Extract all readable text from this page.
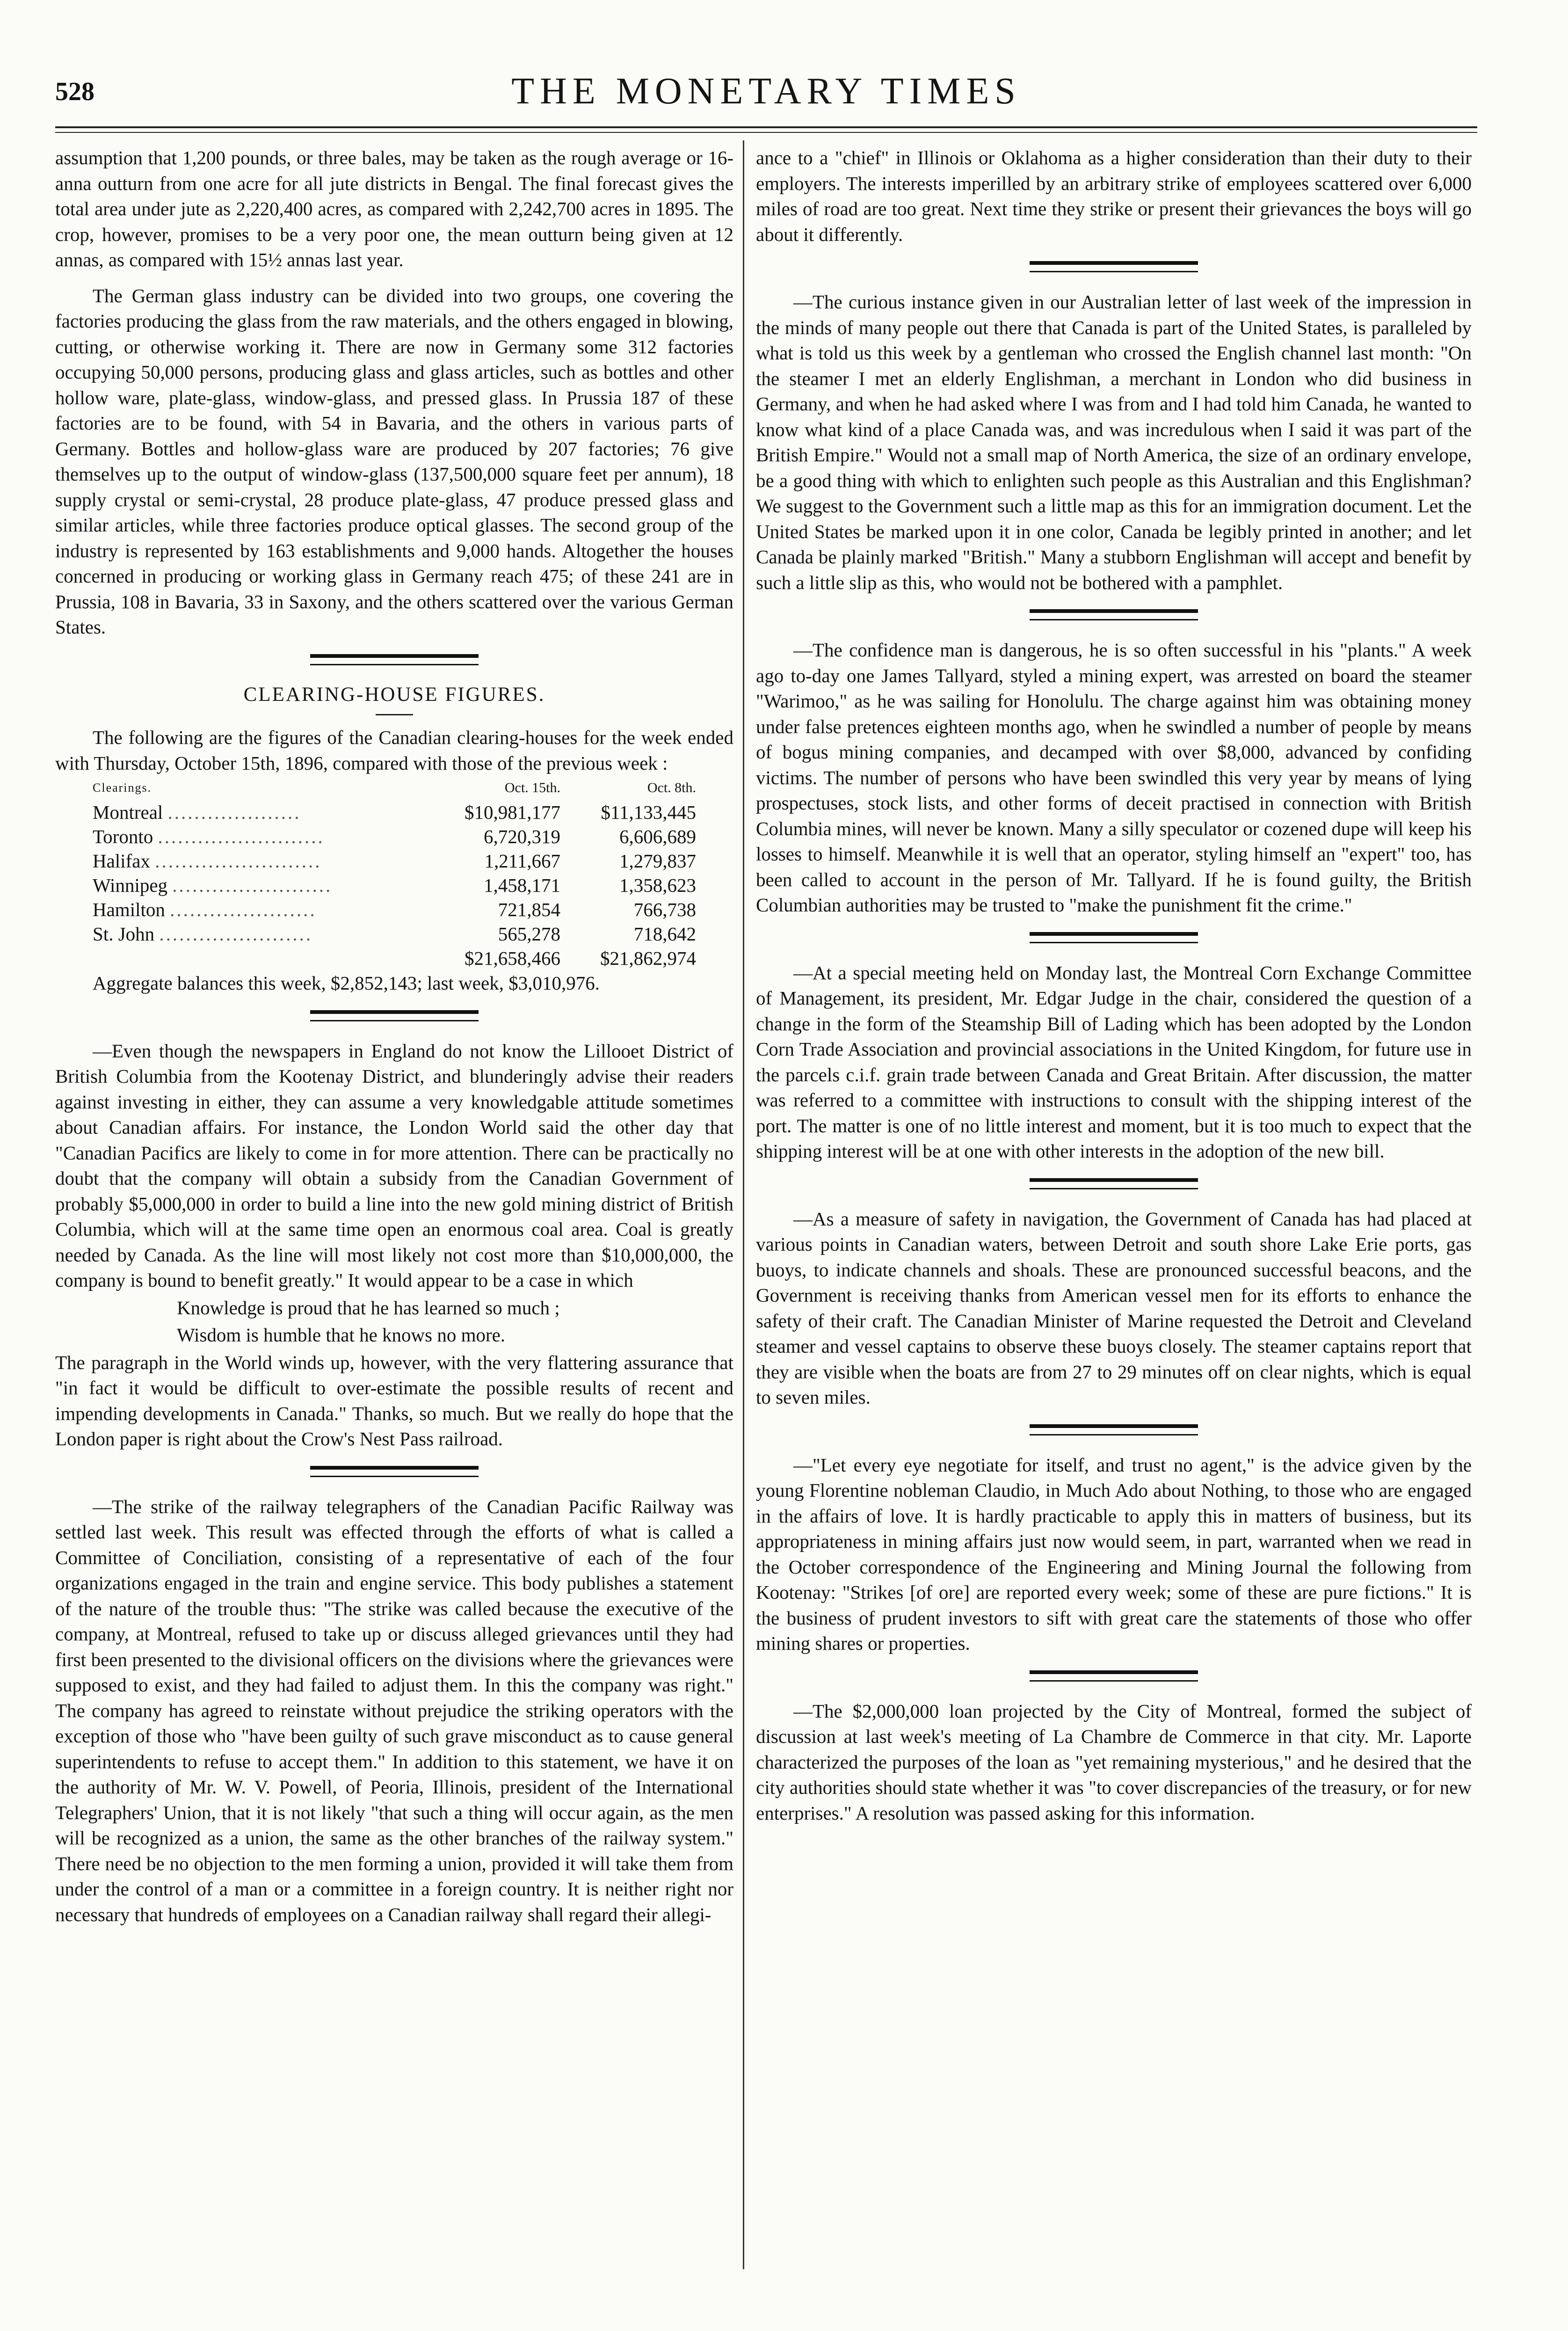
528	THE MONETARY TIMES

assumption that 1,200 pounds, or three bales, may be taken as the rough average or 16-anna outturn from one acre for all jute districts in Bengal. The final forecast gives the total area under jute as 2,220,400 acres, as compared with 2,242,700 acres in 1895. The crop, however, promises to be a very poor one, the mean outturn being given at 12 annas, as compared with 15½ annas last year.

The German glass industry can be divided into two groups, one covering the factories producing the glass from the raw materials, and the others engaged in blowing, cutting, or otherwise working it. There are now in Germany some 312 factories occupying 50,000 persons, producing glass and glass articles, such as bottles and other hollow ware, plate-glass, window-glass, and pressed glass. In Prussia 187 of these factories are to be found, with 54 in Bavaria, and the others in various parts of Germany. Bottles and hollow-glass ware are produced by 207 factories; 76 give themselves up to the output of window-glass (137,500,000 square feet per annum), 18 supply crystal or semi-crystal, 28 produce plate-glass, 47 produce pressed glass and similar articles, while three factories produce optical glasses. The second group of the industry is represented by 163 establishments and 9,000 hands. Altogether the houses concerned in producing or working glass in Germany reach 475; of these 241 are in Prussia, 108 in Bavaria, 33 in Saxony, and the others scattered over the various German States.

CLEARING-HOUSE FIGURES.

The following are the figures of the Canadian clearing-houses for the week ended with Thursday, October 15th, 1896, compared with those of the previous week :

Clearings.	Oct. 15th.	Oct. 8th.
Montreal ....................	$10,981,177	$11,133,445
Toronto .........................	6,720,319	6,606,689
Halifax .........................	1,211,667	1,279,837
Winnipeg ........................	1,458,171	1,358,623
Hamilton ......................	721,854	766,738
St. John .......................	565,278	718,642
	$21,658,466	$21,862,974

Aggregate balances this week, $2,852,143; last week, $3,010,976.

—Even though the newspapers in England do not know the Lillooet District of British Columbia from the Kootenay District, and blunderingly advise their readers against investing in either, they can assume a very knowledgable attitude sometimes about Canadian affairs. For instance, the London World said the other day that "Canadian Pacifics are likely to come in for more attention. There can be practically no doubt that the company will obtain a subsidy from the Canadian Government of probably $5,000,000 in order to build a line into the new gold mining district of British Columbia, which will at the same time open an enormous coal area. Coal is greatly needed by Canada. As the line will most likely not cost more than $10,000,000, the company is bound to benefit greatly." It would appear to be a case in which

Knowledge is proud that he has learned so much ;

Wisdom is humble that he knows no more.

The paragraph in the World winds up, however, with the very flattering assurance that "in fact it would be difficult to over-estimate the possible results of recent and impending developments in Canada." Thanks, so much. But we really do hope that the London paper is right about the Crow's Nest Pass railroad.

—The strike of the railway telegraphers of the Canadian Pacific Railway was settled last week. This result was effected through the efforts of what is called a Committee of Conciliation, consisting of a representative of each of the four organizations engaged in the train and engine service. This body publishes a statement of the nature of the trouble thus: "The strike was called because the executive of the company, at Montreal, refused to take up or discuss alleged grievances until they had first been presented to the divisional officers on the divisions where the grievances were supposed to exist, and they had failed to adjust them. In this the company was right." The company has agreed to reinstate without prejudice the striking operators with the exception of those who "have been guilty of such grave misconduct as to cause general superintendents to refuse to accept them." In addition to this statement, we have it on the authority of Mr. W. V. Powell, of Peoria, Illinois, president of the International Telegraphers' Union, that it is not likely "that such a thing will occur again, as the men will be recognized as a union, the same as the other branches of the railway system." There need be no objection to the men forming a union, provided it will take them from under the control of a man or a committee in a foreign country. It is neither right nor necessary that hundreds of employees on a Canadian railway shall regard their allegi-

ance to a "chief" in Illinois or Oklahoma as a higher consideration than their duty to their employers. The interests imperilled by an arbitrary strike of employees scattered over 6,000 miles of road are too great. Next time they strike or present their grievances the boys will go about it differently.

—The curious instance given in our Australian letter of last week of the impression in the minds of many people out there that Canada is part of the United States, is paralleled by what is told us this week by a gentleman who crossed the English channel last month: "On the steamer I met an elderly Englishman, a merchant in London who did business in Germany, and when he had asked where I was from and I had told him Canada, he wanted to know what kind of a place Canada was, and was incredulous when I said it was part of the British Empire." Would not a small map of North America, the size of an ordinary envelope, be a good thing with which to enlighten such people as this Australian and this Englishman? We suggest to the Government such a little map as this for an immigration document. Let the United States be marked upon it in one color, Canada be legibly printed in another; and let Canada be plainly marked "British." Many a stubborn Englishman will accept and benefit by such a little slip as this, who would not be bothered with a pamphlet.

—The confidence man is dangerous, he is so often successful in his "plants." A week ago to-day one James Tallyard, styled a mining expert, was arrested on board the steamer "Warimoo," as he was sailing for Honolulu. The charge against him was obtaining money under false pretences eighteen months ago, when he swindled a number of people by means of bogus mining companies, and decamped with over $8,000, advanced by confiding victims. The number of persons who have been swindled this very year by means of lying prospectuses, stock lists, and other forms of deceit practised in connection with British Columbia mines, will never be known. Many a silly speculator or cozened dupe will keep his losses to himself. Meanwhile it is well that an operator, styling himself an "expert" too, has been called to account in the person of Mr. Tallyard. If he is found guilty, the British Columbian authorities may be trusted to "make the punishment fit the crime."

—At a special meeting held on Monday last, the Montreal Corn Exchange Committee of Management, its president, Mr. Edgar Judge in the chair, considered the question of a change in the form of the Steamship Bill of Lading which has been adopted by the London Corn Trade Association and provincial associations in the United Kingdom, for future use in the parcels c.i.f. grain trade between Canada and Great Britain. After discussion, the matter was referred to a committee with instructions to consult with the shipping interest of the port. The matter is one of no little interest and moment, but it is too much to expect that the shipping interest will be at one with other interests in the adoption of the new bill.

—As a measure of safety in navigation, the Government of Canada has had placed at various points in Canadian waters, between Detroit and south shore Lake Erie ports, gas buoys, to indicate channels and shoals. These are pronounced successful beacons, and the Government is receiving thanks from American vessel men for its efforts to enhance the safety of their craft. The Canadian Minister of Marine requested the Detroit and Cleveland steamer and vessel captains to observe these buoys closely. The steamer captains report that they are visible when the boats are from 27 to 29 minutes off on clear nights, which is equal to seven miles.

—"Let every eye negotiate for itself, and trust no agent," is the advice given by the young Florentine nobleman Claudio, in Much Ado about Nothing, to those who are engaged in the affairs of love. It is hardly practicable to apply this in matters of business, but its appropriateness in mining affairs just now would seem, in part, warranted when we read in the October correspondence of the Engineering and Mining Journal the following from Kootenay: "Strikes [of ore] are reported every week; some of these are pure fictions." It is the business of prudent investors to sift with great care the statements of those who offer mining shares or properties.

—The $2,000,000 loan projected by the City of Montreal, formed the subject of discussion at last week's meeting of La Chambre de Commerce in that city. Mr. Laporte characterized the purposes of the loan as "yet remaining mysterious," and he desired that the city authorities should state whether it was "to cover discrepancies of the treasury, or for new enterprises." A resolution was passed asking for this information.
